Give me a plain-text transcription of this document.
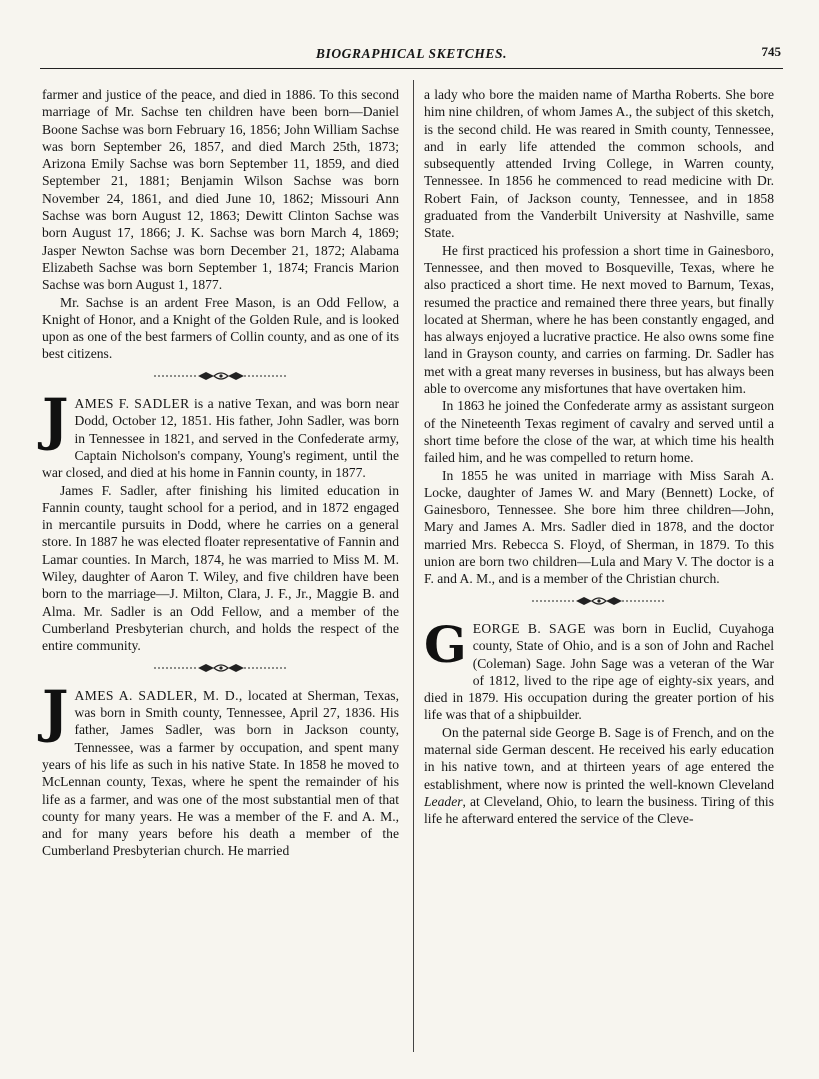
BIOGRAPHICAL SKETCHES.	745

farmer and justice of the peace, and died in 1886. To this second marriage of Mr. Sachse ten children have been born—Daniel Boone Sachse was born February 16, 1856; John William Sachse was born September 26, 1857, and died March 25th, 1873; Arizona Emily Sachse was born September 11, 1859, and died September 21, 1881; Benjamin Wilson Sachse was born November 24, 1861, and died June 10, 1862; Missouri Ann Sachse was born August 12, 1863; Dewitt Clinton Sachse was born August 17, 1866; J. K. Sachse was born March 4, 1869; Jasper Newton Sachse was born December 21, 1872; Alabama Elizabeth Sachse was born September 1, 1874; Francis Marion Sachse was born August 1, 1877.

Mr. Sachse is an ardent Free Mason, is an Odd Fellow, a Knight of Honor, and a Knight of the Golden Rule, and is looked upon as one of the best farmers of Collin county, and as one of its best citizens.

JAMES F. SADLER is a native Texan, and was born near Dodd, October 12, 1851. His father, John Sadler, was born in Tennessee in 1821, and served in the Confederate army, Captain Nicholson's company, Young's regiment, until the war closed, and died at his home in Fannin county, in 1877.

James F. Sadler, after finishing his limited education in Fannin county, taught school for a period, and in 1872 engaged in mercantile pursuits in Dodd, where he carries on a general store. In 1887 he was elected floater representative of Fannin and Lamar counties. In March, 1874, he was married to Miss M. M. Wiley, daughter of Aaron T. Wiley, and five children have been born to the marriage—J. Milton, Clara, J. F., Jr., Maggie B. and Alma. Mr. Sadler is an Odd Fellow, and a member of the Cumberland Presbyterian church, and holds the respect of the entire community.

JAMES A. SADLER, M. D., located at Sherman, Texas, was born in Smith county, Tennessee, April 27, 1836. His father, James Sadler, was born in Jackson county, Tennessee, was a farmer by occupation, and spent many years of his life as such in his native State. In 1858 he moved to McLennan county, Texas, where he spent the remainder of his life as a farmer, and was one of the most substantial men of that county for many years. He was a member of the F. and A. M., and for many years before his death a member of the Cumberland Presbyterian church. He married

a lady who bore the maiden name of Martha Roberts. She bore him nine children, of whom James A., the subject of this sketch, is the second child. He was reared in Smith county, Tennessee, and in early life attended the common schools, and subsequently attended Irving College, in Warren county, Tennessee. In 1856 he commenced to read medicine with Dr. Robert Fain, of Jackson county, Tennessee, and in 1858 graduated from the Vanderbilt University at Nashville, same State.

He first practiced his profession a short time in Gainesboro, Tennessee, and then moved to Bosqueville, Texas, where he also practiced a short time. He next moved to Barnum, Texas, resumed the practice and remained there three years, but finally located at Sherman, where he has been constantly engaged, and has always enjoyed a lucrative practice. He also owns some fine land in Grayson county, and carries on farming. Dr. Sadler has met with a great many reverses in business, but has always been able to overcome any misfortunes that have overtaken him.

In 1863 he joined the Confederate army as assistant surgeon of the Nineteenth Texas regiment of cavalry and served until a short time before the close of the war, at which time his health failed him, and he was compelled to return home.

In 1855 he was united in marriage with Miss Sarah A. Locke, daughter of James W. and Mary (Bennett) Locke, of Gainesboro, Tennessee. She bore him three children—John, Mary and James A. Mrs. Sadler died in 1878, and the doctor married Mrs. Rebecca S. Floyd, of Sherman, in 1879. To this union are born two children—Lula and Mary V. The doctor is a F. and A. M., and is a member of the Christian church.

GEORGE B. SAGE was born in Euclid, Cuyahoga county, State of Ohio, and is a son of John and Rachel (Coleman) Sage. John Sage was a veteran of the War of 1812, lived to the ripe age of eighty-six years, and died in 1879. His occupation during the greater portion of his life was that of a shipbuilder.

On the paternal side George B. Sage is of French, and on the maternal side German descent. He received his early education in his native town, and at thirteen years of age entered the establishment, where now is printed the well-known Cleveland Leader, at Cleveland, Ohio, to learn the business. Tiring of this life he afterward entered the service of the Cleve-
